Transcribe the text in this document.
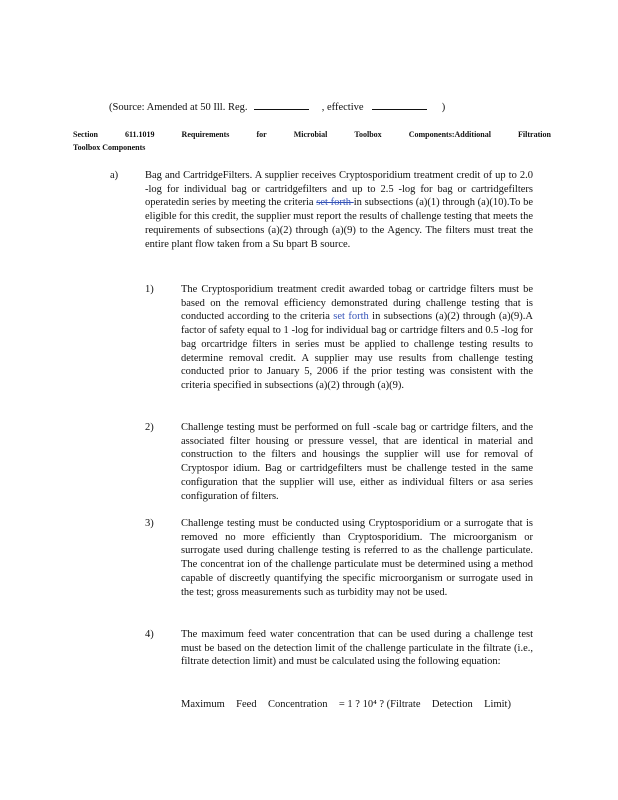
(Source: Amended at 50 Ill. Reg.	, effective	)
Section	611.1019	Requirements	for	Microbial	Toolbox	Components:Additional	Filtration
Toolbox Components
a)	Bag and CartridgeFilters. A supplier receives Cryptosporidium treatment credit of up to 2.0 -log for individual bag or cartridgefilters and up to 2.5 -log for bag or cartridgefilters operatedin series by meeting the criteria set forth in subsections (a)(1) through (a)(10).To be eligible for this credit, the supplier must report the results of challenge testing that meets the requirements of subsections (a)(2) through (a)(9) to the Agency. The filters must treat the entire plant flow taken from a Su bpart B source.
1)	The Cryptosporidium treatment credit awarded tobag or cartridge filters must be based on the removal efficiency demonstrated during challenge testing that is conducted according to the criteria set forth in subsections (a)(2) through (a)(9).A factor of safety equal to 1 -log for individual bag or cartridge filters and 0.5 -log for bag orcartridge filters in series must be applied to challenge testing results to determine removal credit. A supplier may use results from challenge testing conducted prior to January 5, 2006 if the prior testing was consistent with the criteria specified in subsections (a)(2) through (a)(9).
2)	Challenge testing must be performed on full -scale bag or cartridge filters, and the associated filter housing or pressure vessel, that are identical in material and construction to the filters and housings the supplier will use for removal of Cryptospor idium. Bag or cartridgefilters must be challenge tested in the same configuration that the supplier will use, either as individual filters or asa series configuration of filters.
3)	Challenge testing must be conducted using Cryptosporidium or a surrogate that is removed no more efficiently than Cryptosporidium. The microorganism or surrogate used during challenge testing is referred to as the challenge particulate. The concentrat ion of the challenge particulate must be determined using a method capable of discreetly quantifying the specific microorganism or surrogate used in the test; gross measurements such as turbidity may not be used.
4)	The maximum feed water concentration that can be used during a challenge test must be based on the detection limit of the challenge particulate in the filtrate (i.e., filtrate detection limit) and must be calculated using the following equation:
Maximum Feed Concentration = 1 ? 10⁴ ? (Filtrate Detection Limit)
